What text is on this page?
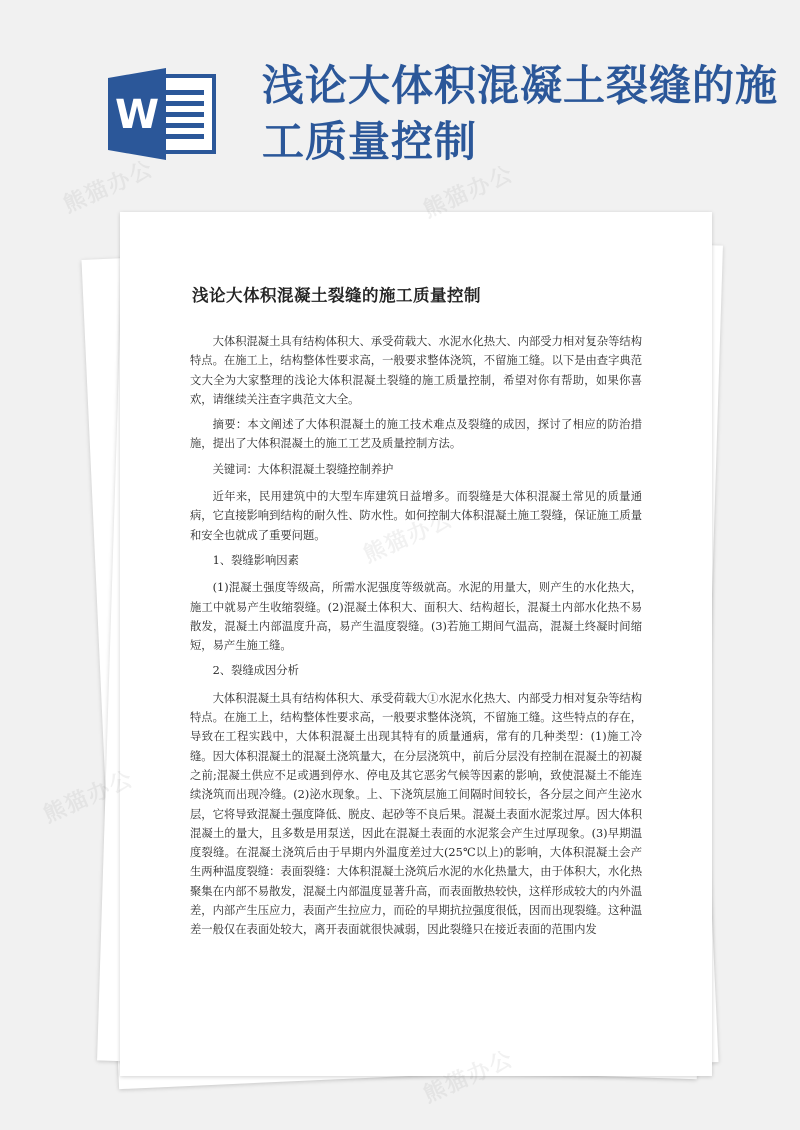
W
浅论大体积混凝土裂缝的施工质量控制
熊猫办公	熊猫办公
熊猫办公
熊猫办公
浅论大体积混凝土裂缝的施工质量控制

大体积混凝土具有结构体积大、承受荷载大、水泥水化热大、内部受力相对复杂等结构特点。在施工上，结构整体性要求高，一般要求整体浇筑，不留施工缝。以下是由查字典范文大全为大家整理的浅论大体积混凝土裂缝的施工质量控制，希望对你有帮助，如果你喜欢，请继续关注查字典范文大全。

摘要：本文阐述了大体积混凝土的施工技术难点及裂缝的成因，探讨了相应的防治措施，提出了大体积混凝土的施工工艺及质量控制方法。

关键词：大体积混凝土裂缝控制养护

近年来，民用建筑中的大型车库建筑日益增多。而裂缝是大体积混凝土常见的质量通病，它直接影响到结构的耐久性、防水性。如何控制大体积混凝土施工裂缝，保证施工质量和安全也就成了重要问题。

1、裂缝影响因素

(1)混凝土强度等级高，所需水泥强度等级就高。水泥的用量大，则产生的水化热大，施工中就易产生收缩裂缝。(2)混凝土体积大、面积大、结构超长，混凝土内部水化热不易散发，混凝土内部温度升高，易产生温度裂缝。(3)若施工期间气温高，混凝土终凝时间缩短，易产生施工缝。

2、裂缝成因分析

大体积混凝土具有结构体积大、承受荷载大①水泥水化热大、内部受力相对复杂等结构特点。在施工上，结构整体性要求高，一般要求整体浇筑，不留施工缝。这些特点的存在，导致在工程实践中，大体积混凝土出现其特有的质量通病，常有的几种类型：(1)施工冷缝。因大体积混凝土的混凝土浇筑量大，在分层浇筑中，前后分层没有控制在混凝土的初凝之前;混凝土供应不足或遇到停水、停电及其它恶劣气候等因素的影响，致使混凝土不能连续浇筑而出现冷缝。(2)泌水现象。上、下浇筑层施工间隔时间较长，各分层之间产生泌水层，它将导致混凝土强度降低、脱皮、起砂等不良后果。混凝土表面水泥浆过厚。因大体积混凝土的量大，且多数是用泵送，因此在混凝土表面的水泥浆会产生过厚现象。(3)早期温度裂缝。在混凝土浇筑后由于早期内外温度差过大(25℃以上)的影响，大体积混凝土会产生两种温度裂缝：表面裂缝：大体积混凝土浇筑后水泥的水化热量大，由于体积大，水化热聚集在内部不易散发，混凝土内部温度显著升高，而表面散热较快，这样形成较大的内外温差，内部产生压应力，表面产生拉应力，而砼的早期抗拉强度很低，因而出现裂缝。这种温差一般仅在表面处较大，离开表面就很快减弱，因此裂缝只在接近表面的范围内发
